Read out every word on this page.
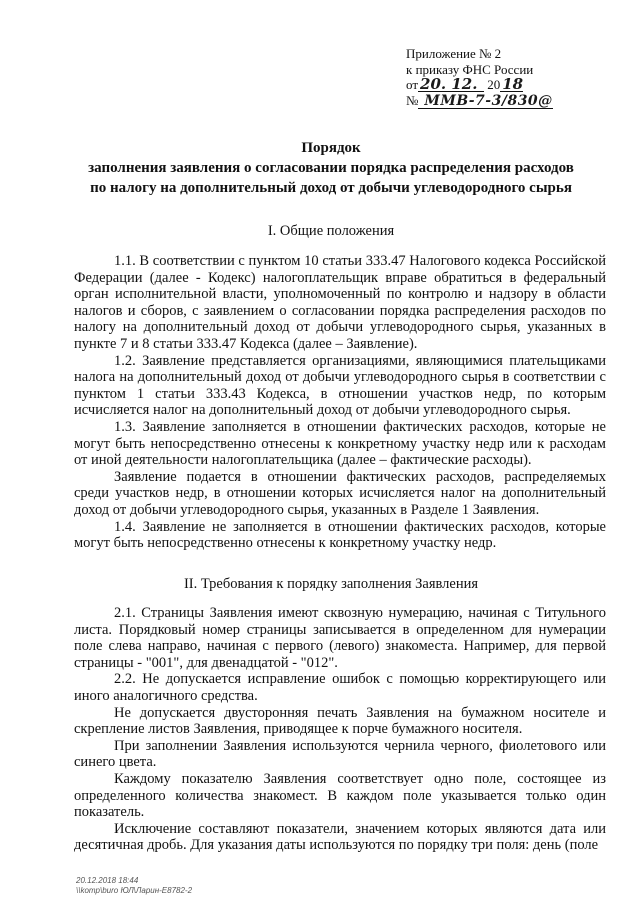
Приложение № 2
к приказу ФНС России
от 20. 12. 20 18
№ ММВ-7-3/830@
Порядок
заполнения заявления о согласовании порядка распределения расходов
по налогу на дополнительный доход от добычи углеводородного сырья
I. Общие положения

1.1. В соответствии с пунктом 10 статьи 333.47 Налогового кодекса Российской Федерации (далее - Кодекс) налогоплательщик вправе обратиться в федеральный орган исполнительной власти, уполномоченный по контролю и надзору в области налогов и сборов, с заявлением о согласовании порядка распределения расходов по налогу на дополнительный доход от добычи углеводородного сырья, указанных в пункте 7 и 8 статьи 333.47 Кодекса (далее – Заявление).

1.2. Заявление представляется организациями, являющимися плательщиками налога на дополнительный доход от добычи углеводородного сырья в соответствии с пунктом 1 статьи 333.43 Кодекса, в отношении участков недр, по которым исчисляется налог на дополнительный доход от добычи углеводородного сырья.

1.3. Заявление заполняется в отношении фактических расходов, которые не могут быть непосредственно отнесены к конкретному участку недр или к расходам от иной деятельности налогоплательщика (далее – фактические расходы).

Заявление подается в отношении фактических расходов, распределяемых среди участков недр, в отношении которых исчисляется налог на дополнительный доход от добычи углеводородного сырья, указанных в Разделе 1 Заявления.

1.4. Заявление не заполняется в отношении фактических расходов, которые могут быть непосредственно отнесены к конкретному участку недр.

II. Требования к порядку заполнения Заявления

2.1. Страницы Заявления имеют сквозную нумерацию, начиная с Титульного листа. Порядковый номер страницы записывается в определенном для нумерации поле слева направо, начиная с первого (левого) знакоместа. Например, для первой страницы - "001", для двенадцатой - "012".

2.2. Не допускается исправление ошибок с помощью корректирующего или иного аналогичного средства.

Не допускается двусторонняя печать Заявления на бумажном носителе и скрепление листов Заявления, приводящее к порче бумажного носителя.

При заполнении Заявления используются чернила черного, фиолетового или синего цвета.

Каждому показателю Заявления соответствует одно поле, состоящее из определенного количества знакомест. В каждом поле указывается только один показатель.

Исключение составляют показатели, значением которых являются дата или десятичная дробь. Для указания даты используются по порядку три поля: день (поле

20.12.2018 18:44
\\komp\buro ЮЛ\Ларин-Е8782-2
